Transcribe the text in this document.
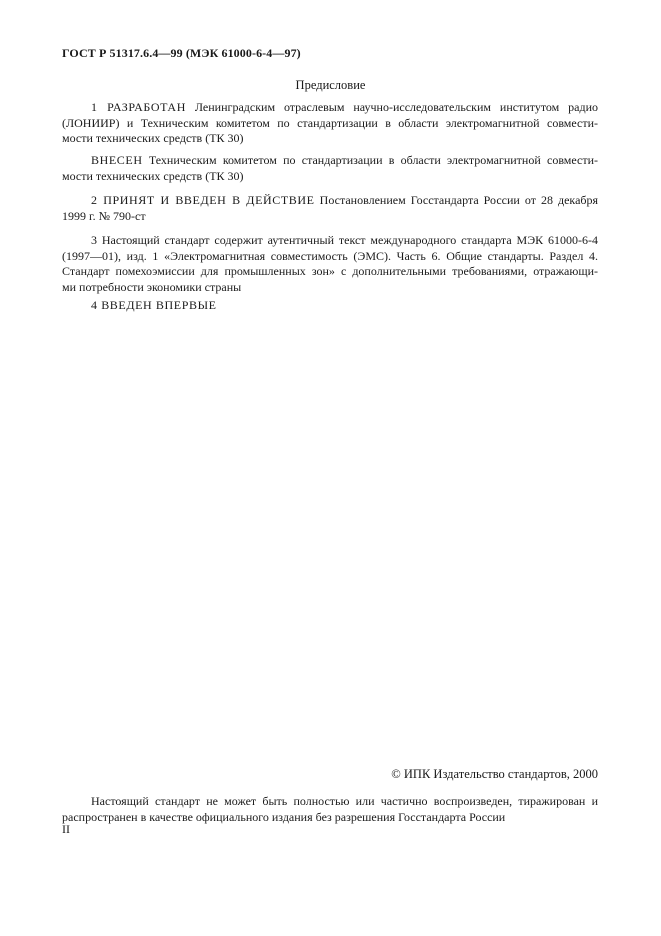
ГОСТ Р 51317.6.4—99 (МЭК 61000-6-4—97)
Предисловие
1 РАЗРАБОТАН Ленинградским отраслевым научно-исследовательским институтом радио
(ЛОНИИР) и Техническим комитетом по стандартизации в области электромагнитной совмести-
мости технических средств (ТК 30)
ВНЕСЕН Техническим комитетом по стандартизации в области электромагнитной совмести-
мости технических средств (ТК 30)
2 ПРИНЯТ И ВВЕДЕН В ДЕЙСТВИЕ Постановлением Госстандарта России от 28 декабря
1999 г. № 790-ст
3 Настоящий стандарт содержит аутентичный текст международного стандарта МЭК 61000-6-4
(1997—01), изд. 1 «Электромагнитная совместимость (ЭМС). Часть 6. Общие стандарты. Раздел 4.
Стандарт помехоэмиссии для промышленных зон» с дополнительными требованиями, отражающи-
ми потребности экономики страны
4 ВВЕДЕН ВПЕРВЫЕ
© ИПК Издательство стандартов, 2000
Настоящий стандарт не может быть полностью или частично воспроизведен, тиражирован и
распространен в качестве официального издания без разрешения Госстандарта России
II
